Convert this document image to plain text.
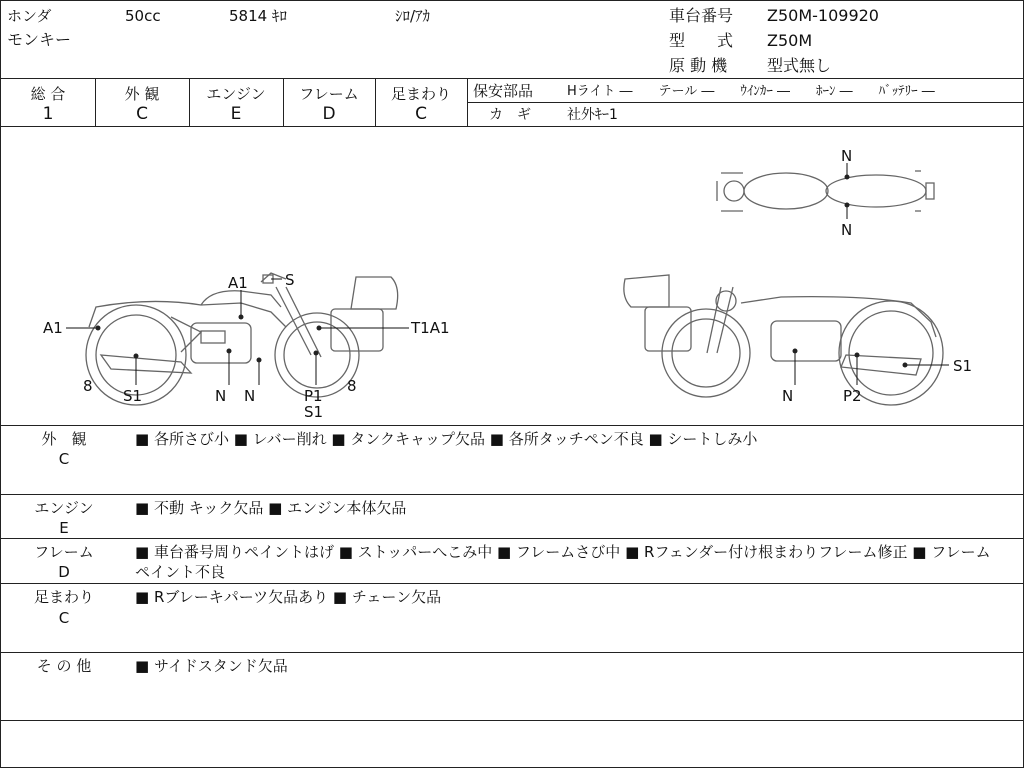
ホンダ	50cc	5814 ｷﾛ	ｼﾛ/ｱｶ
モンキー
車台番号 Z50M-109920
型　　式 Z50M
原 動 機 型式無し
総 合
1
外 観
C
エンジン
E
フレーム
D
足まわり
C
保安部品	Hライト ―　　テール ―　　ｳｲﾝｶｰ ―　　ﾎｰﾝ ―　　ﾊﾞｯﾃﾘｰ ―
カ　ギ	社外ｷｰ1
A1 S
A1	T1A1
8
S1	N N	P1
S1
8
S1
N	P2
N
N
外　観
C
■ 各所さび小 ■ レバー削れ ■ タンクキャップ欠品 ■ 各所タッチペン不良 ■ シートしみ小
エンジン
E
■ 不動 キック欠品 ■ エンジン本体欠品
フレーム
D
■ 車台番号周りペイントはげ ■ ストッパーへこみ中 ■ フレームさび中 ■ Rフェンダー付け根まわりフレーム修正 ■ フレームペイント不良
足まわり
C
■ Rブレーキパーツ欠品あり ■ チェーン欠品
そ の 他	■ サイドスタンド欠品
